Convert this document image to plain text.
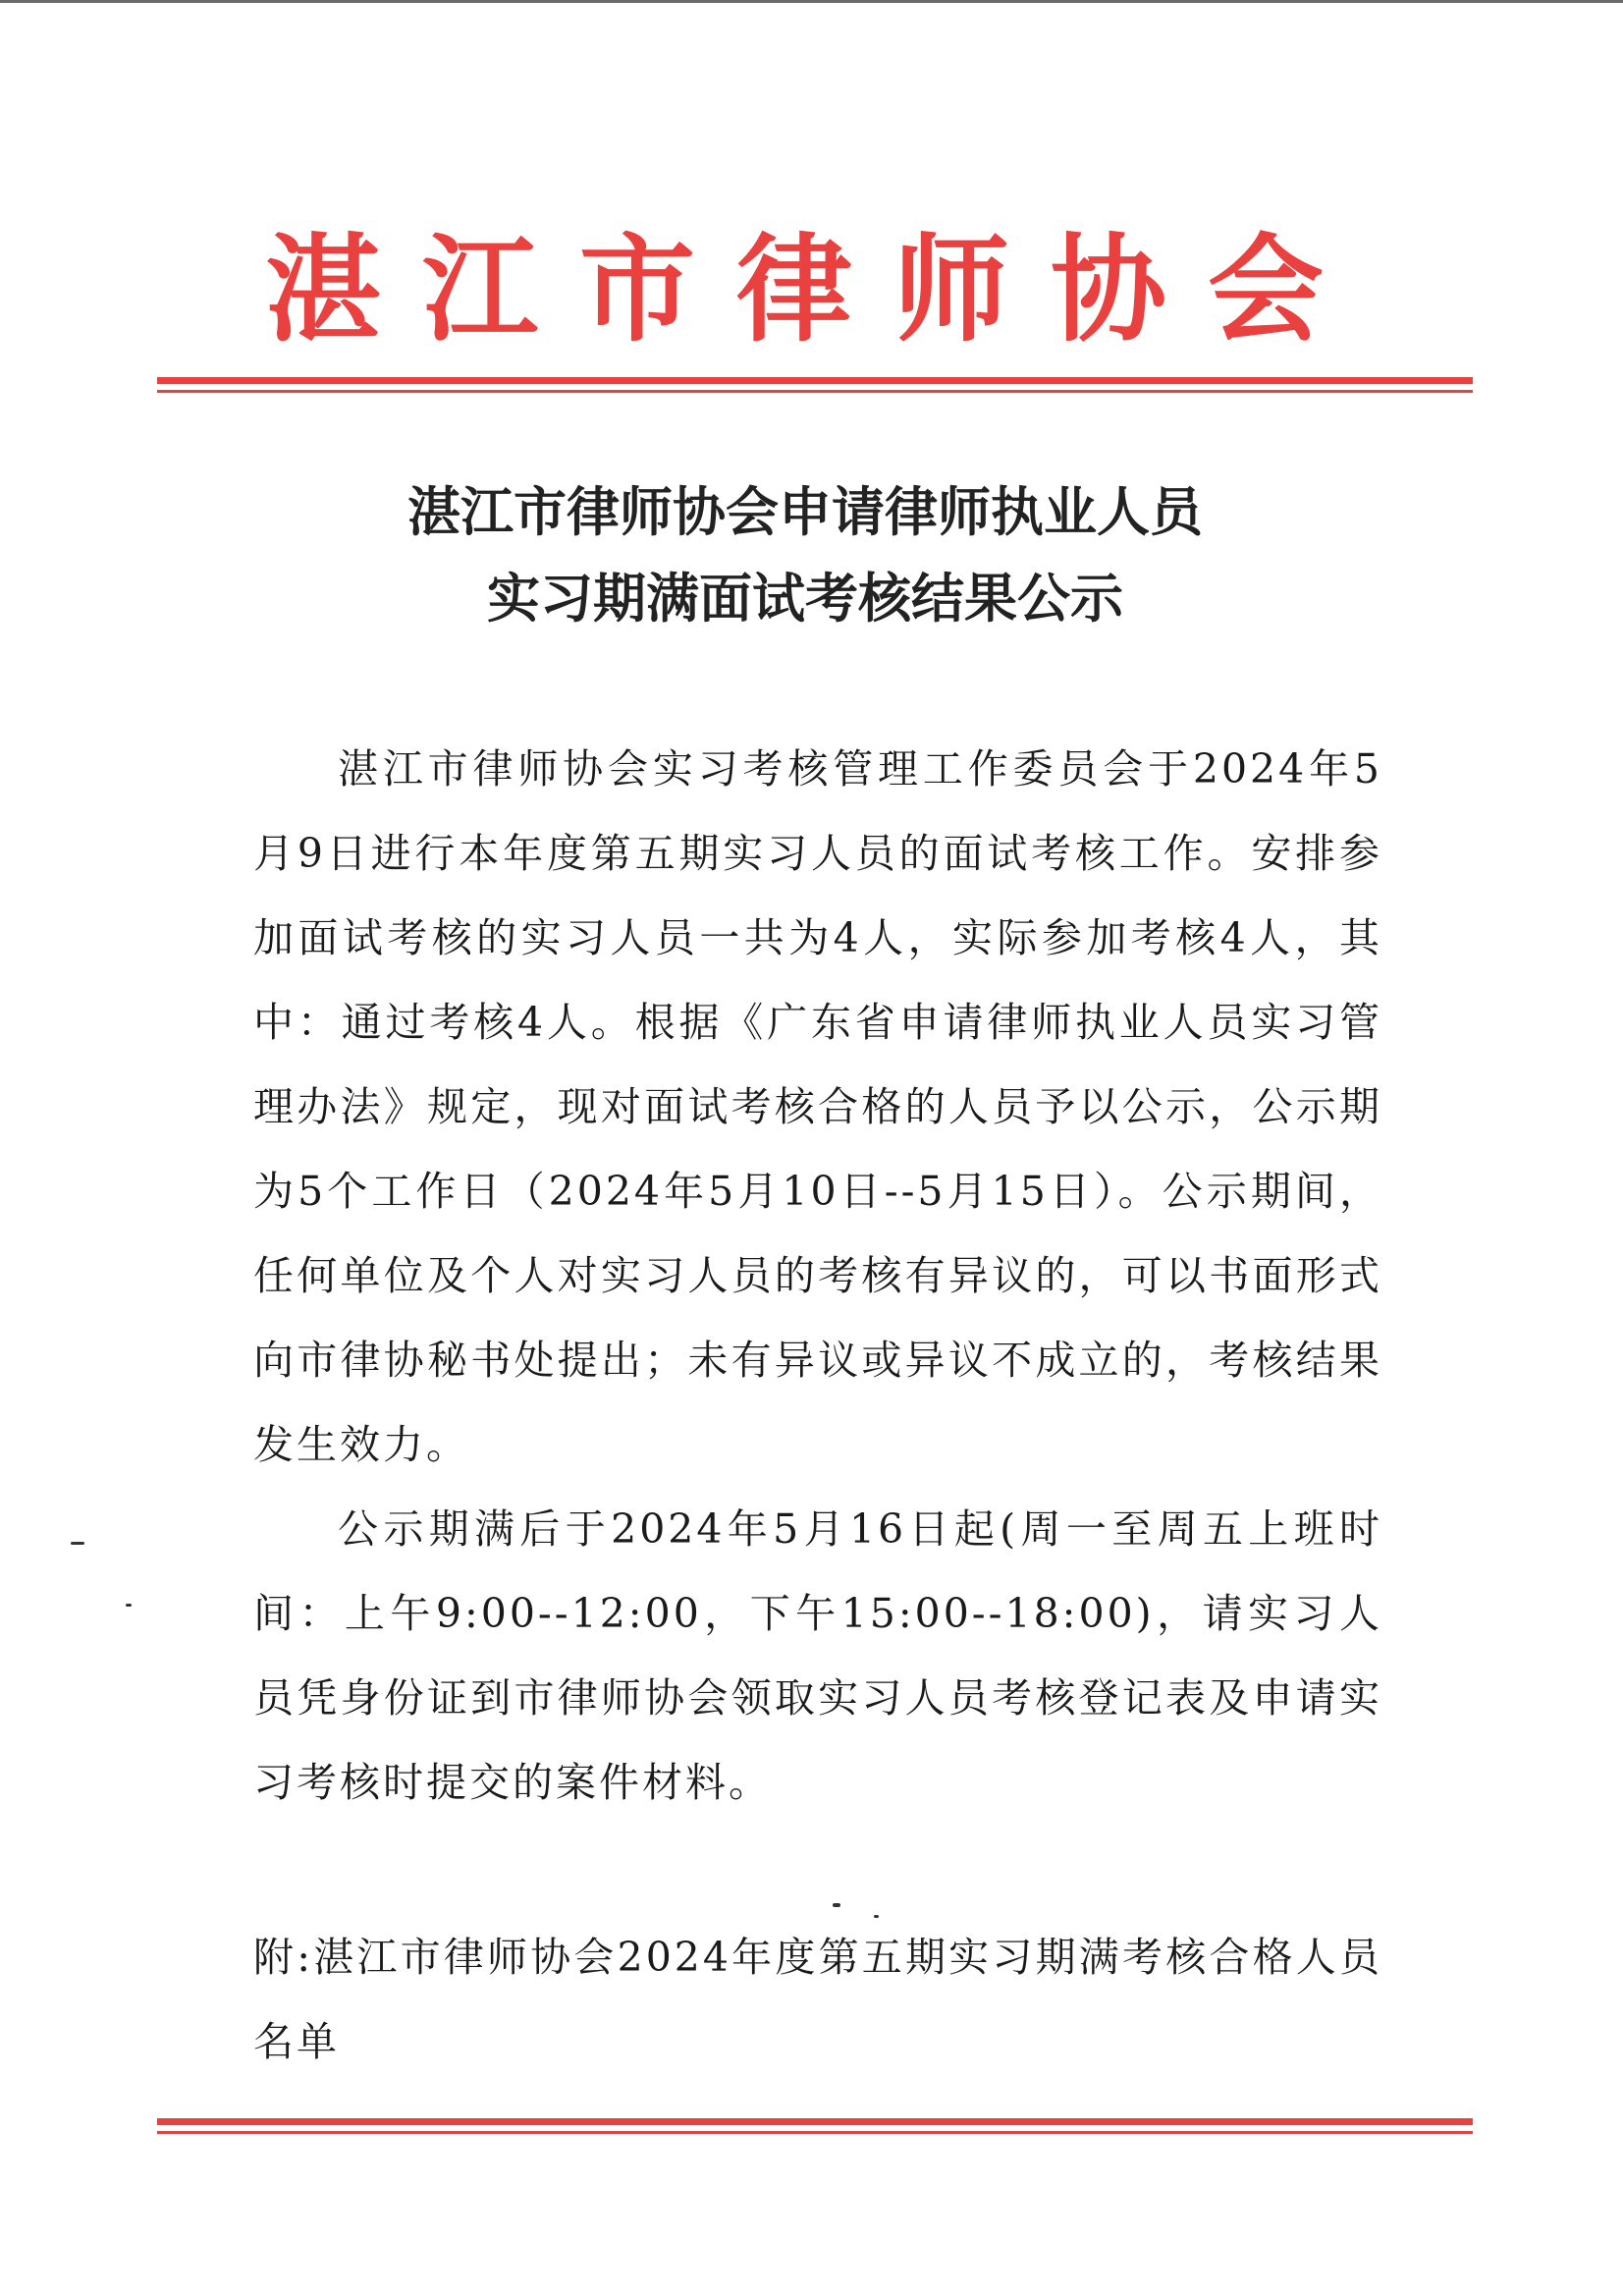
湛江市律师协会
湛江市律师协会申请律师执业人员
实习期满面试考核结果公示

湛江市律师协会实习考核管理工作委员会于2024年5月9日进行本年度第五期实习人员的面试考核工作。安排参加面试考核的实习人员一共为4人，实际参加考核4人，其中：通过考核4人。根据《广东省申请律师执业人员实习管理办法》规定，现对面试考核合格的人员予以公示，公示期为5个工作日（2024年5月10日--5月15日）。公示期间，任何单位及个人对实习人员的考核有异议的，可以书面形式向市律协秘书处提出；未有异议或异议不成立的，考核结果发生效力。

公示期满后于2024年5月16日起(周一至周五上班时间：上午9:00--12:00，下午15:00--18:00)，请实习人员凭身份证到市律师协会领取实习人员考核登记表及申请实习考核时提交的案件材料。

附:湛江市律师协会2024年度第五期实习期满考核合格人员名单
